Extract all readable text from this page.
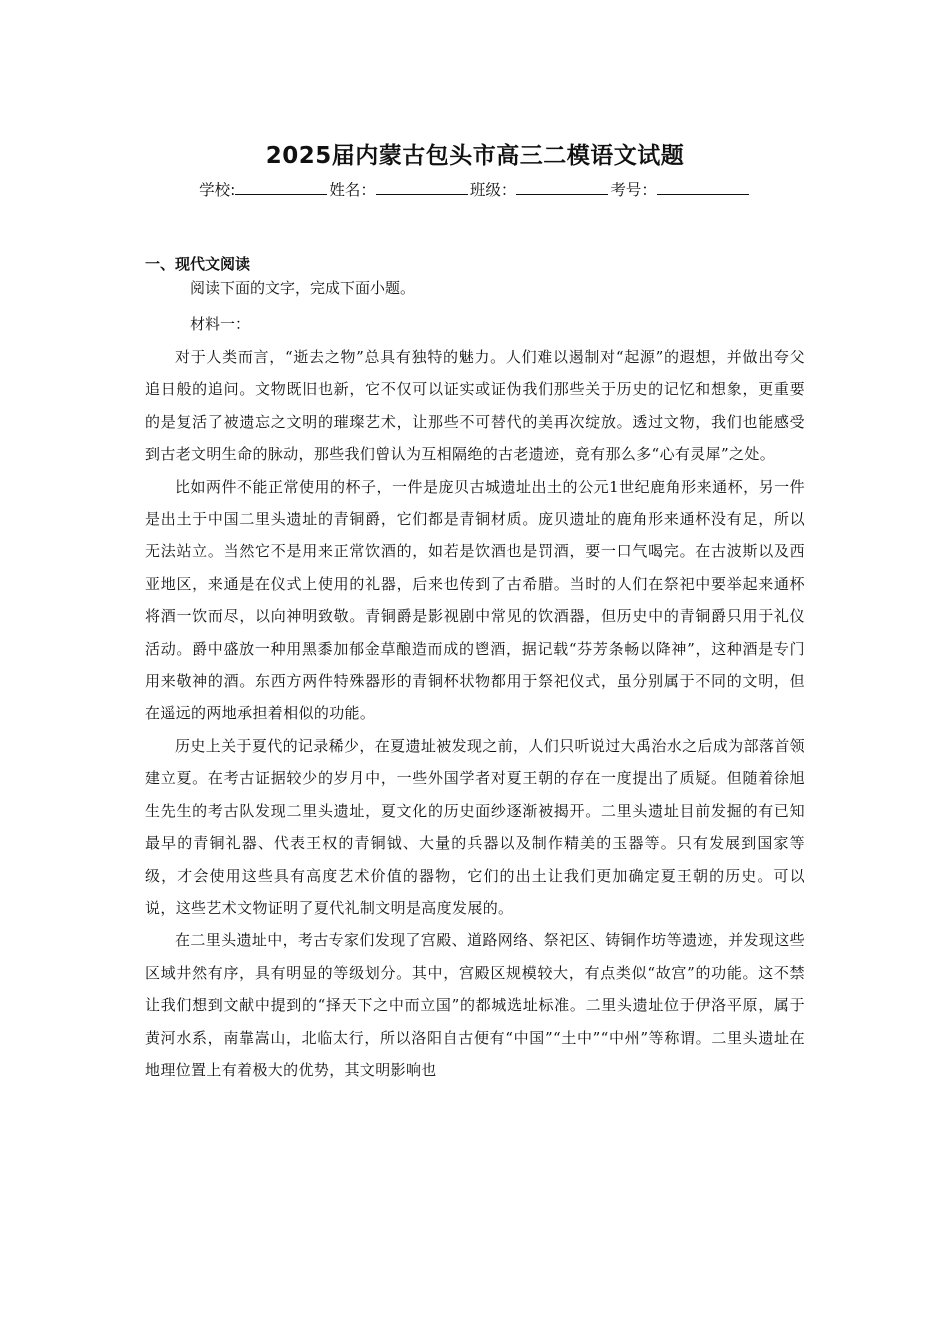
2025届内蒙古包头市高三二模语文试题
学校:	姓名：	班级：	考号：
一、现代文阅读

阅读下面的文字，完成下面小题。

材料一：

对于人类而言，“逝去之物”总具有独特的魅力。人们难以遏制对“起源”的遐想，并做出夸父追日般的追问。文物既旧也新，它不仅可以证实或证伪我们那些关于历史的记忆和想象，更重要的是复活了被遗忘之文明的璀璨艺术，让那些不可替代的美再次绽放。透过文物，我们也能感受到古老文明生命的脉动，那些我们曾认为互相隔绝的古老遗迹，竟有那么多“心有灵犀”之处。

比如两件不能正常使用的杯子，一件是庞贝古城遗址出土的公元1世纪鹿角形来通杯，另一件是出土于中国二里头遗址的青铜爵，它们都是青铜材质。庞贝遗址的鹿角形来通杯没有足，所以无法站立。当然它不是用来正常饮酒的，如若是饮酒也是罚酒，要一口气喝完。在古波斯以及西亚地区，来通是在仪式上使用的礼器，后来也传到了古希腊。当时的人们在祭祀中要举起来通杯将酒一饮而尽，以向神明致敬。青铜爵是影视剧中常见的饮酒器，但历史中的青铜爵只用于礼仪活动。爵中盛放一种用黑黍加郁金草酿造而成的鬯酒，据记载“芬芳条畅以降神”，这种酒是专门用来敬神的酒。东西方两件特殊器形的青铜杯状物都用于祭祀仪式，虽分别属于不同的文明，但在遥远的两地承担着相似的功能。

历史上关于夏代的记录稀少，在夏遗址被发现之前，人们只听说过大禹治水之后成为部落首领建立夏。在考古证据较少的岁月中，一些外国学者对夏王朝的存在一度提出了质疑。但随着徐旭生先生的考古队发现二里头遗址，夏文化的历史面纱逐渐被揭开。二里头遗址目前发掘的有已知最早的青铜礼器、代表王权的青铜钺、大量的兵器以及制作精美的玉器等。只有发展到国家等级，才会使用这些具有高度艺术价值的器物，它们的出土让我们更加确定夏王朝的历史。可以说，这些艺术文物证明了夏代礼制文明是高度发展的。

在二里头遗址中，考古专家们发现了宫殿、道路网络、祭祀区、铸铜作坊等遗迹，并发现这些区域井然有序，具有明显的等级划分。其中，宫殿区规模较大，有点类似“故宫”的功能。这不禁让我们想到文献中提到的“择天下之中而立国”的都城选址标准。二里头遗址位于伊洛平原，属于黄河水系，南靠嵩山，北临太行，所以洛阳自古便有“中国”“土中”“中州”等称谓。二里头遗址在地理位置上有着极大的优势，其文明影响也
